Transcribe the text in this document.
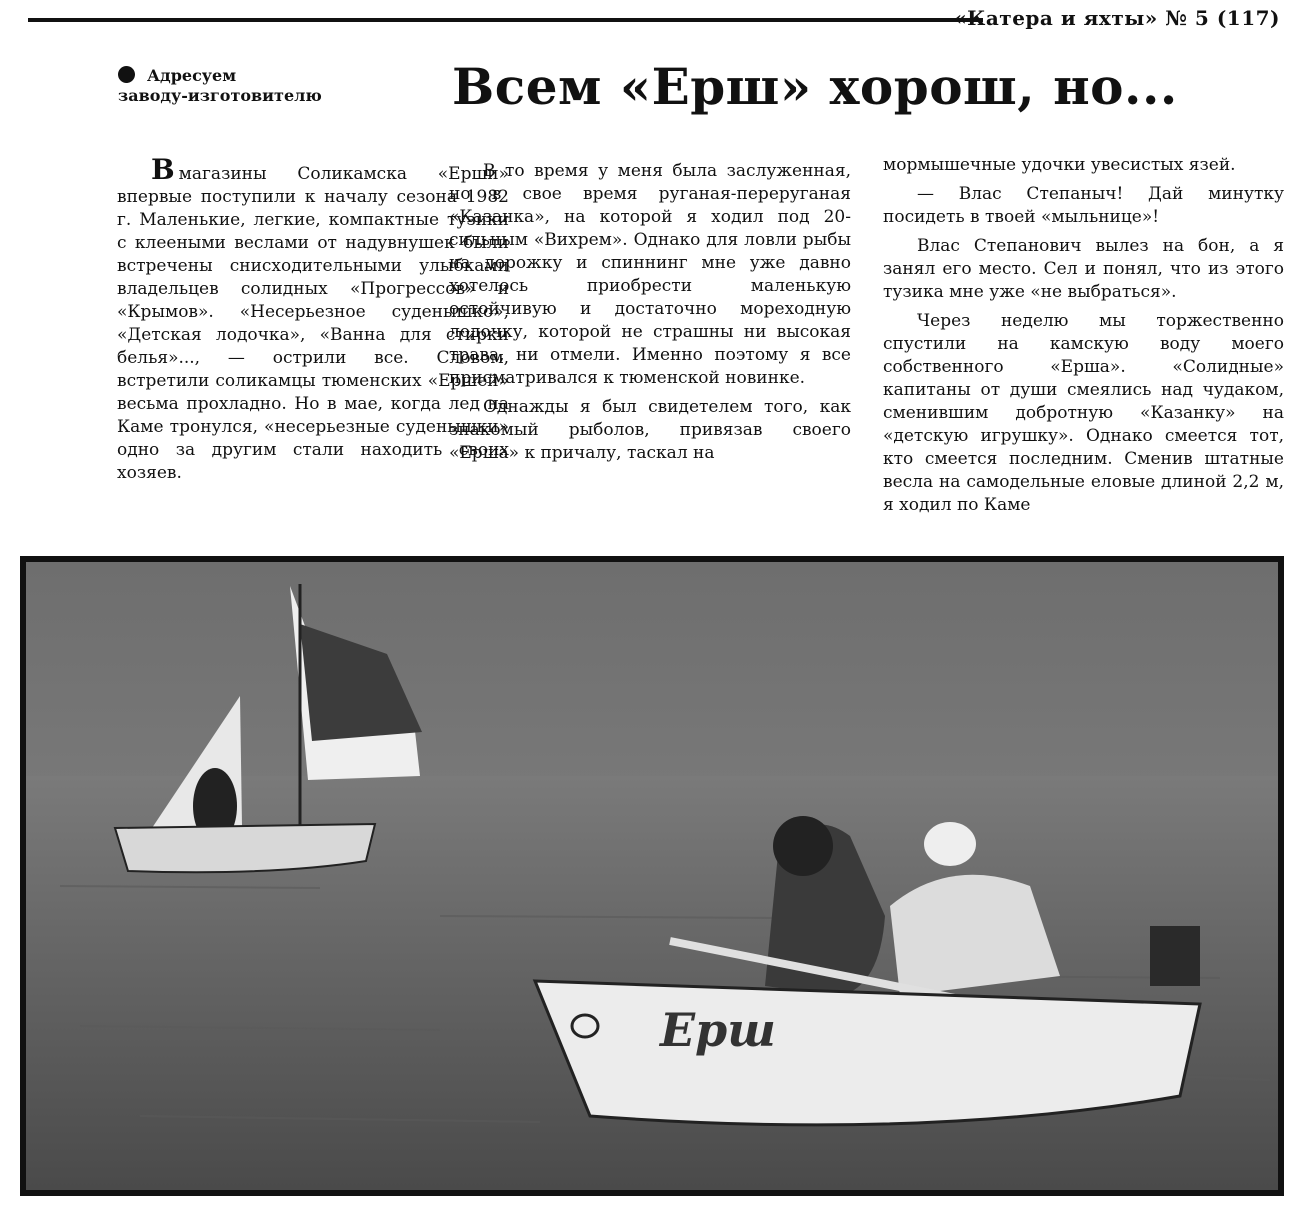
«Катера и яхты» № 5 (117)
Адресуем
заводу-изготовителю	Всем «Ерш» хорош, но...

Вмагазины Соликамска «Ерши» впервые поступили к началу сезона 1982 г. Маленькие, легкие, компактные тузики с клееными веслами от надувнушек были встречены снисходительными улыбками владельцев солидных «Прогрессов» и «Крымов». «Несерьезное суденышко», «Детская лодочка», «Ванна для стирки белья»..., — острили все. Словом, встретили соликамцы тюменских «Ершей» весьма прохладно. Но в мае, когда лед на Каме тронулся, «несерьезные суденышки» одно за другим стали находить своих хозяев.

В то время у меня была заслуженная, но в свое время руганая-переруганая «Казанка», на которой я ходил под 20-сильным «Вихрем». Однако для ловли рыбы на дорожку и спиннинг мне уже давно хотелось приобрести маленькую остойчивую и достаточно мореходную лодочку, которой не страшны ни высокая трава, ни отмели. Именно поэтому я все присматривался к тюменской новинке.

Однажды я был свидетелем того, как знакомый рыболов, привязав своего «Ерша» к причалу, таскал на

мормышечные удочки увесистых язей.

— Влас Степаныч! Дай минутку посидеть в твоей «мыльнице»!

Влас Степанович вылез на бон, а я занял его место. Сел и понял, что из этого тузика мне уже «не выбраться».

Через неделю мы торжественно спустили на камскую воду моего собственного «Ерша». «Солидные» капитаны от души смеялись над чудаком, сменившим добротную «Казанку» на «детскую игрушку». Однако смеется тот, кто смеется последним. Сменив штатные весла на самодельные еловые длиной 2,2 м, я ходил по Каме

Ерш
